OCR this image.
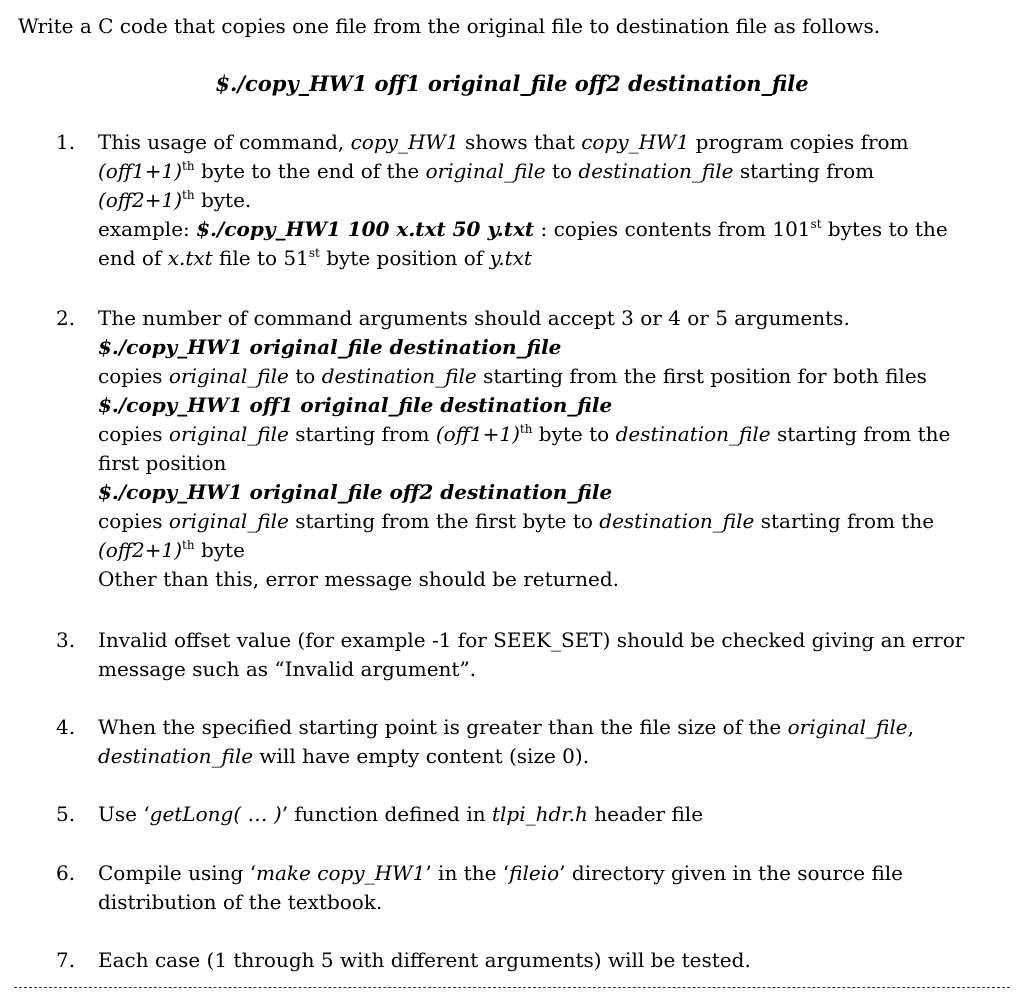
Write a C code that copies one file from the original file to destination file as follows.
$./copy_HW1 off1 original_file off2 destination_file
1.	This usage of command, copy_HW1 shows that copy_HW1 program copies from
$(off1+1)^{th}$ byte to the end of the original_file to destination_file starting from
$(off2+1)^{th}$ byte.
example: $./copy_HW1 100 x.txt 50 y.txt : copies contents from 101st bytes to the
end of x.txt file to 51st byte position of y.txt
2.	The number of command arguments should accept 3 or 4 or 5 arguments.
$./copy_HW1 original_file destination_file
copies original_file to destination_file starting from the first position for both files
$./copy_HW1 off1 original_file destination_file
copies original_file starting from $(off1+1)^{th}$ byte to destination_file starting from the
first position
$./copy_HW1 original_file off2 destination_file
copies original_file starting from the first byte to destination_file starting from the
$(off2+1)^{th}$ byte
Other than this, error message should be returned.
3.	Invalid offset value (for example -1 for SEEK_SET) should be checked giving an error
message such as “Invalid argument”.
4.	When the specified starting point is greater than the file size of the original_file,
destination_file will have empty content (size 0).
5.	Use ‘getLong( … )’ function defined in tlpi_hdr.h header file
6.	Compile using ‘make copy_HW1’ in the ‘fileio’ directory given in the source file
distribution of the textbook.
7.	Each case (1 through 5 with different arguments) will be tested.
